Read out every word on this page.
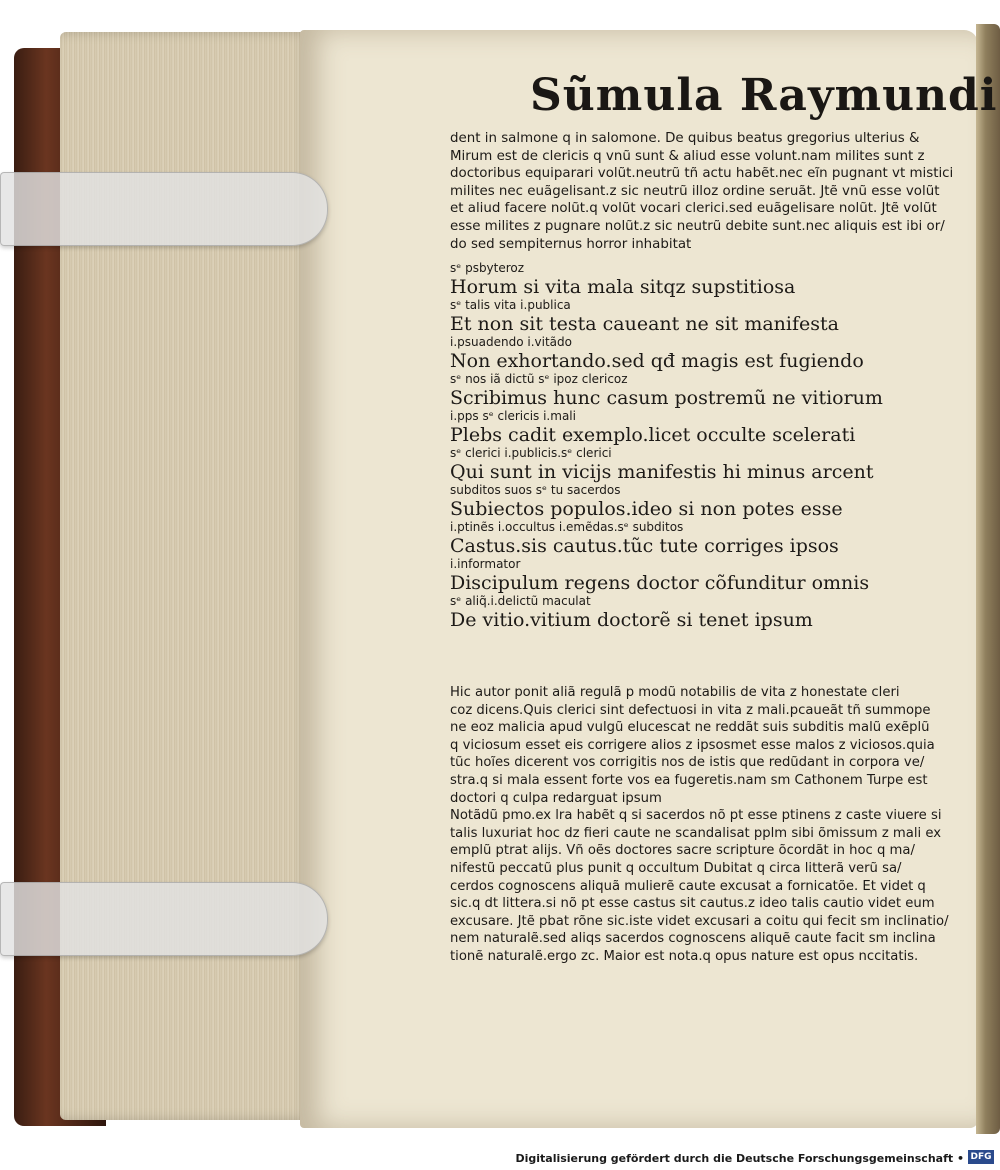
Sũmula Raymundi
dent in salmone q in salomone. De quibus beatus gregorius ulterius &
Mirum est de clericis q vnũ sunt & aliud esse volunt.nam milites sunt z
doctoribus equiparari volũt.neutrũ tñ actu habẽt.nec eĩn pugnant vt mistici
milites nec euãgelisant.z sic neutrũ illoz ordine seruãt. Jtẽ vnũ esse volũt
et aliud facere nolũt.q volũt vocari clerici.sed euãgelisare nolũt. Jtẽ volũt
esse milites z pugnare nolũt.z sic neutrũ debite sunt.nec aliquis est ibi or/
do sed sempiternus horror inhabitat
sᵉ psbyteroz
Horum si vita mala sitqz supstitiosa
sᵉ talis vita i.publica
Et non sit testa caueant ne sit manifesta
i.psuadendo i.vitãdo
Non exhortando.sed qđ magis est fugiendo
sᵉ nos iã dictũ sᵉ ipoz clericoz
Scribimus hunc casum postremũ ne vitiorum
i.pps sᵉ clericis i.mali
Plebs cadit exemplo.licet occulte scelerati
sᵉ clerici i.publicis.sᵉ clerici
Qui sunt in vicijs manifestis hi minus arcent
subditos suos sᵉ tu sacerdos
Subiectos populos.ideo si non potes esse
i.ptinẽs i.occultus i.emẽdas.sᵉ subditos
Castus.sis cautus.tũc tute corriges ipsos
i.informator
Discipulum regens doctor cõfunditur omnis
sᵉ aliq̃.i.delictũ maculat
De vitio.vitium doctorẽ si tenet ipsum
Hic autor ponit aliã regulã p modũ notabilis de vita z honestate cleri
coz dicens.Quis clerici sint defectuosi in vita z mali.pcaueãt tñ summope
ne eoz malicia apud vulgũ elucescat ne reddãt suis subditis malũ exẽplũ
q viciosum esset eis corrigere alios z ipsosmet esse malos z viciosos.quia
tũc hoĩes dicerent vos corrigitis nos de istis que redũdant in corpora ve/
stra.q si mala essent forte vos ea fugeretis.nam sm Cathonem Turpe est
doctori q culpa redarguat ipsum
Notãdũ pmo.ex lra habẽt q si sacerdos nõ pt esse ptinens z caste viuere si
talis luxuriat hoc dz fieri caute ne scandalisat pplm sibi õmissum z mali ex
emplũ ptrat alijs. Vñ oẽs doctores sacre scripture õcordãt in hoc q ma/
nifestũ peccatũ plus punit q occultum Dubitat q circa litterã verũ sa/
cerdos cognoscens aliquã mulierẽ caute excusat a fornicatõe. Et videt q
sic.q dt littera.si nõ pt esse castus sit cautus.z ideo talis cautio videt eum
excusare. Jtẽ pbat rõne sic.iste videt excusari a coitu qui fecit sm inclinatio/
nem naturalẽ.sed aliqs sacerdos cognoscens aliquẽ caute facit sm inclina
tionẽ naturalẽ.ergo zc. Maior est nota.q opus nature est opus nccitatis.
Digitalisierung gefördert durch die Deutsche Forschungsgemeinschaft • DFG
